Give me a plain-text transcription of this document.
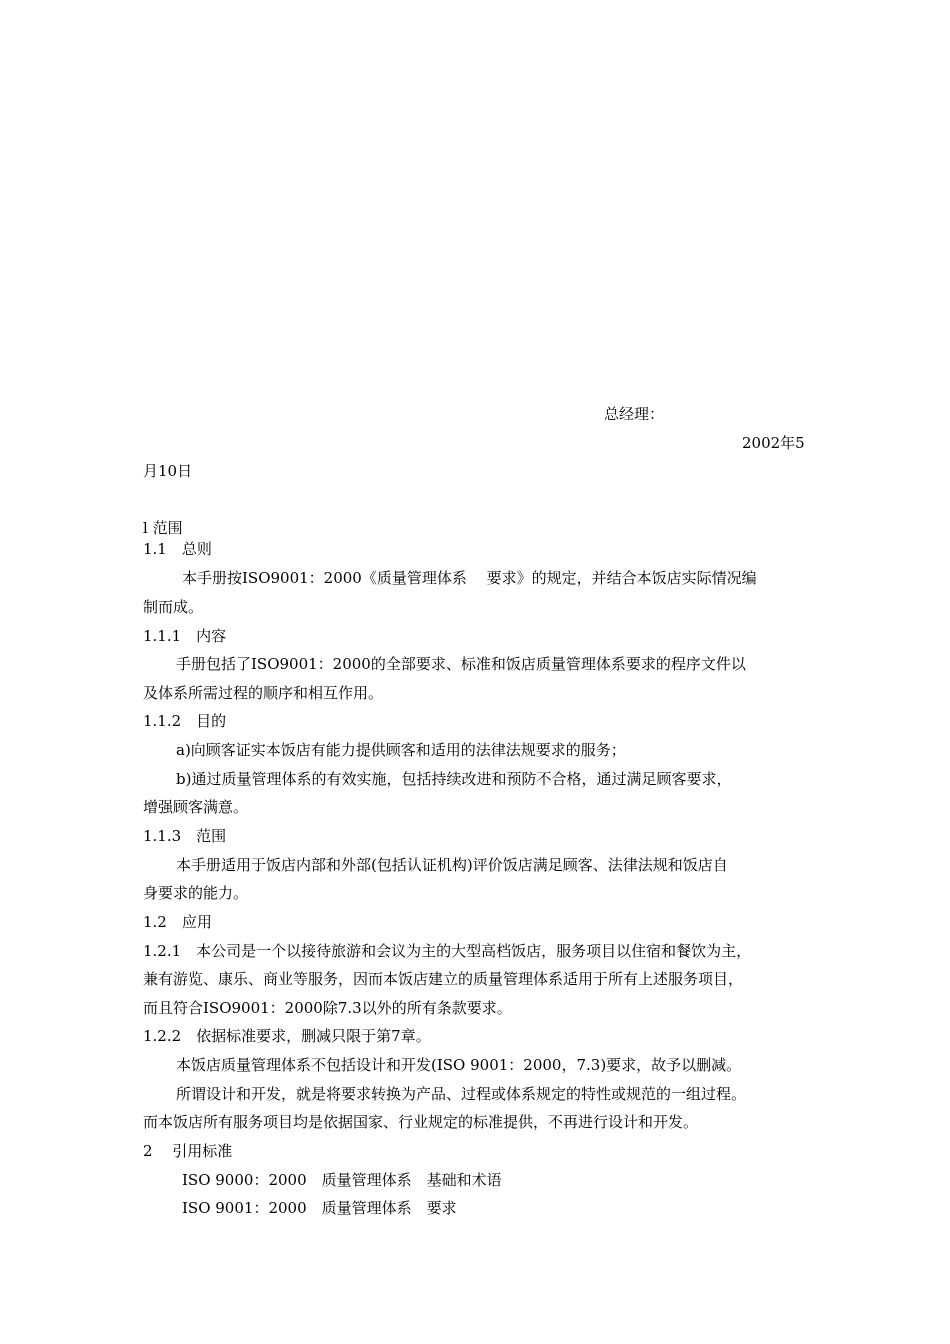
总经理：
2002年5
月10日
l 范围
1.1　总则
本手册按ISO9001：2000《质量管理体系　 要求》的规定，并结合本饭店实际情况编
制而成。
1.1.1　内容
手册包括了ISO9001：2000的全部要求、标准和饭店质量管理体系要求的程序文件以
及体系所需过程的顺序和相互作用。
1.1.2　目的
a)向顾客证实本饭店有能力提供顾客和适用的法律法规要求的服务；
b)通过质量管理体系的有效实施，包括持续改进和预防不合格，通过满足顾客要求，
增强顾客满意。
1.1.3　范围
本手册适用于饭店内部和外部(包括认证机构)评价饭店满足顾客、法律法规和饭店自
身要求的能力。
1.2　应用
1.2.1　本公司是一个以接待旅游和会议为主的大型高档饭店，服务项目以住宿和餐饮为主，
兼有游览、康乐、商业等服务，因而本饭店建立的质量管理体系适用于所有上述服务项目，
而且符合ISO9001：2000除7.3以外的所有条款要求。
1.2.2　依据标准要求，删减只限于第7章。
本饭店质量管理体系不包括设计和开发(ISO 9001：2000，7.3)要求，故予以删减。
所谓设计和开发，就是将要求转换为产品、过程或体系规定的特性或规范的一组过程。
而本饭店所有服务项目均是依据国家、行业规定的标准提供，不再进行设计和开发。
2　 引用标准
ISO 9000：2000　质量管理体系　基础和术语
ISO 9001：2000　质量管理体系　要求
